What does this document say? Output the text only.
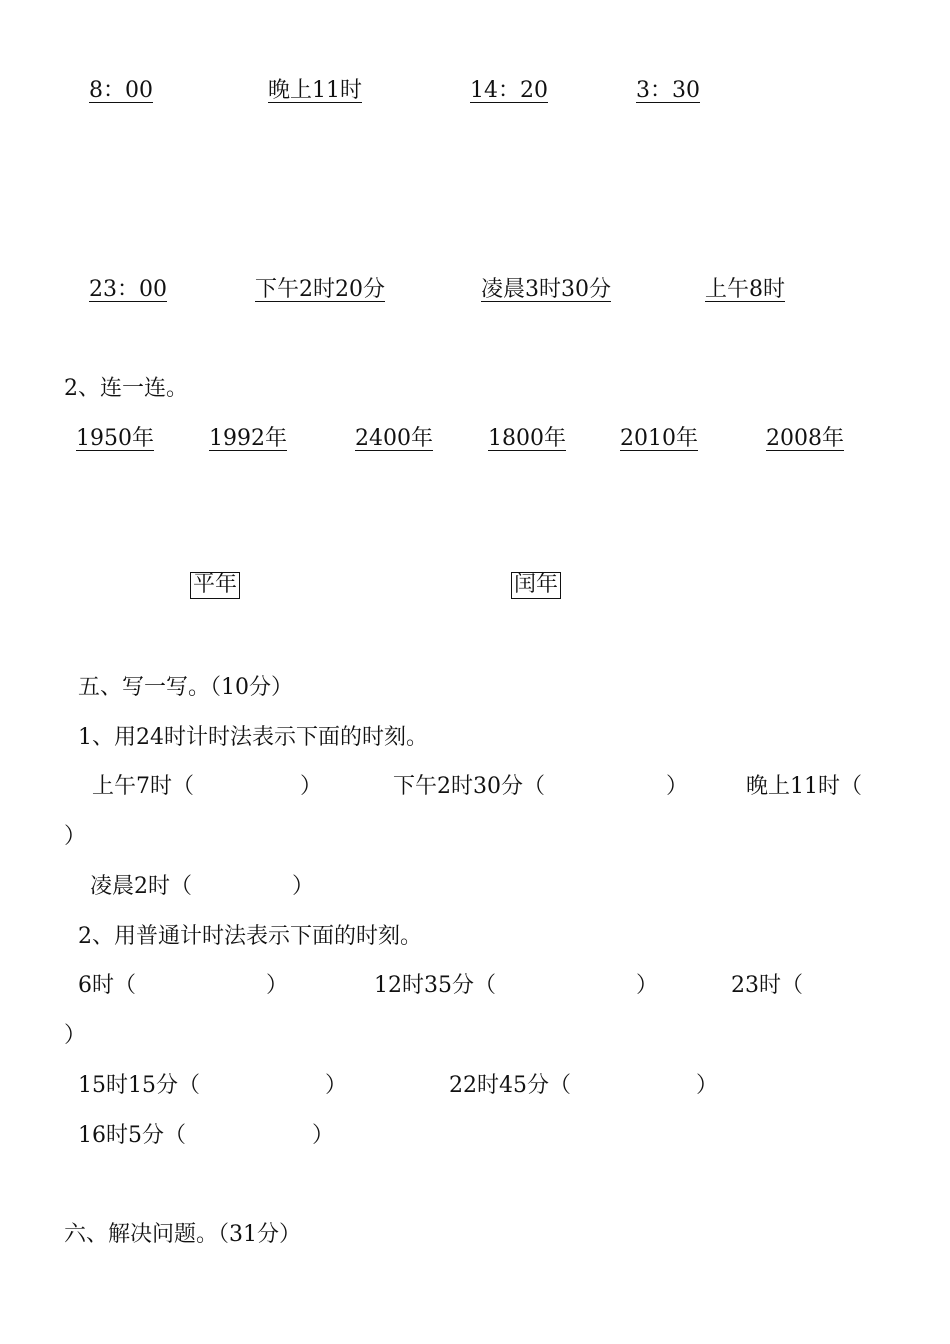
8：00	晚上11时	14：20	3：30
23：00	下午2时20分	凌晨3时30分	上午8时
2、连一连。
1950年	1992年	2400年	1800年 2010年	2008年
平年	闰年
五、写一写。（10分）
1、用24时计时法表示下面的时刻。
上午7时（	）	下午2时30分（	）	晚上11时（
）
凌晨2时（	）
2、用普通计时法表示下面的时刻。
6时（	）	12时35分（	）	23时（
）
15时15分（	）	22时45分（	）
16时5分（	）
六、解决问题。（31分）
